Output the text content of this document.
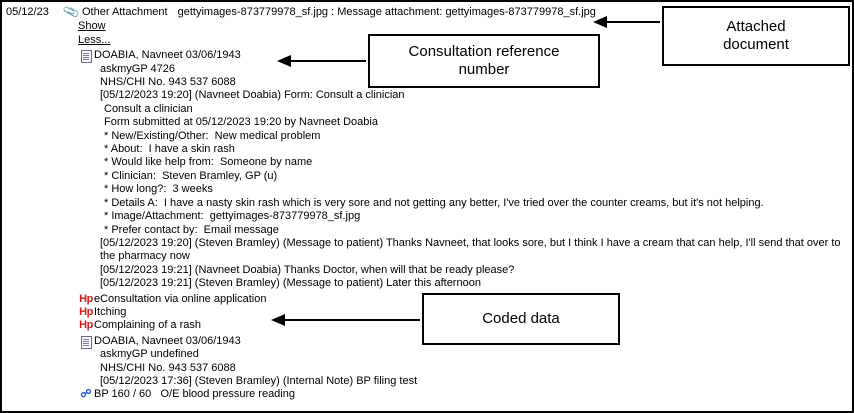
05/12/23	📎 Other Attachment gettyimages-873779978_sf.jpg : Message attachment: gettyimages-873779978_sf.jpg
Show Less...
DOABIA, Navneet 03/06/1943
askmyGP 4726
NHS/CHI No. 943 537 6088
[05/12/2023 19:20] (Navneet Doabia) Form: Consult a clinician
Consult a clinician
Form submitted at 05/12/2023 19:20 by Navneet Doabia
* New/Existing/Other:  New medical problem
* About:  I have a skin rash
* Would like help from:  Someone by name
* Clinician:  Steven Bramley, GP (u)
* How long?:  3 weeks
* Details A:  I have a nasty skin rash which is very sore and not getting any better, I've tried over the counter creams, but it's not helping.
* Image/Attachment:  gettyimages-873779978_sf.jpg
* Prefer contact by:  Email message
[05/12/2023 19:20] (Steven Bramley) (Message to patient) Thanks Navneet, that looks sore, but I think I have a cream that can help, I'll send that over to the pharmacy now
[05/12/2023 19:21] (Navneet Doabia) Thanks Doctor, when will that be ready please?
[05/12/2023 19:21] (Steven Bramley) (Message to patient) Later this afternoon
Hp eConsultation via online application
Hp Itching
Hp Complaining of a rash
DOABIA, Navneet 03/06/1943
askmyGP undefined
NHS/CHI No. 943 537 6088
[05/12/2023 17:36] (Steven Bramley) (Internal Note) BP filing test
☍ BP 160 / 60   O/E blood pressure reading
Attached
document
Consultation reference
number
Coded data
